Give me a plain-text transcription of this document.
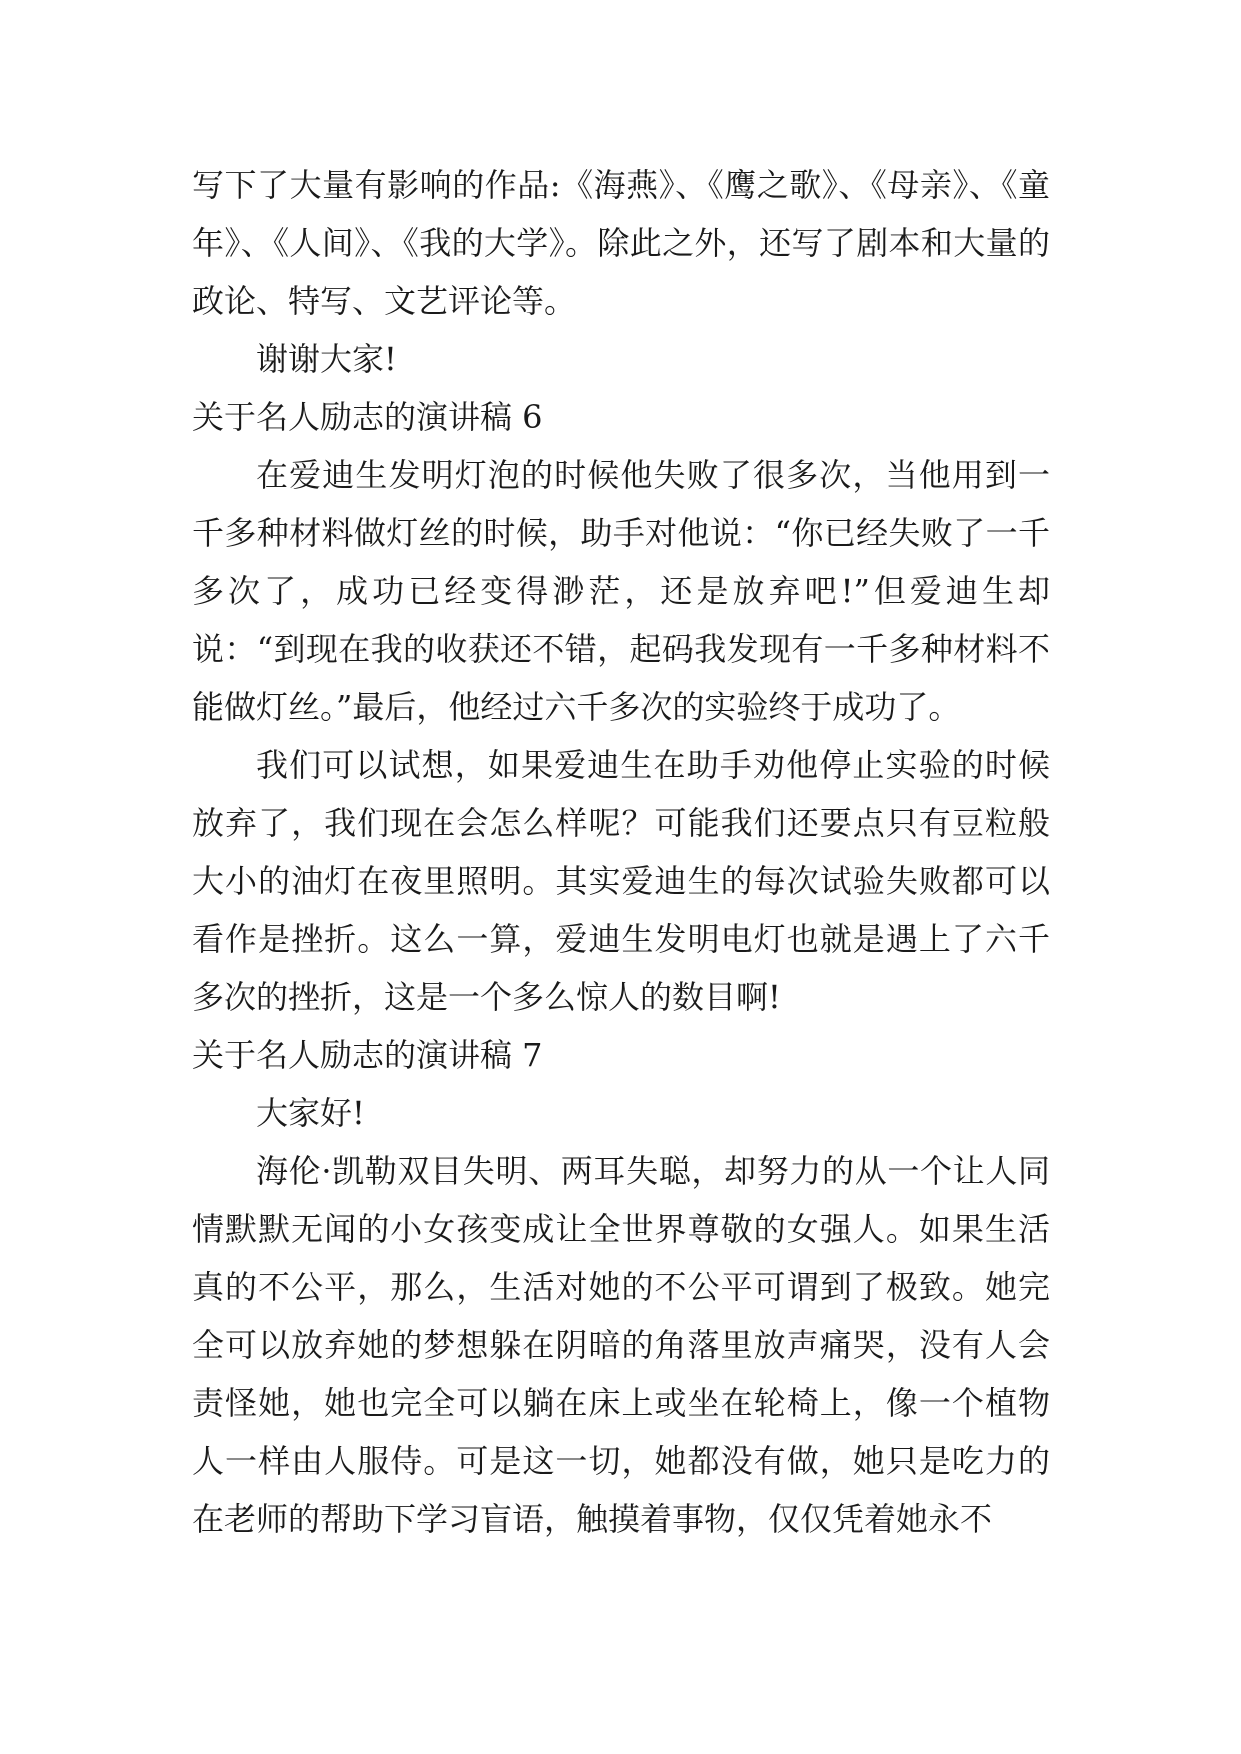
写下了大量有影响的作品:《海燕》、《鹰之歌》、《母亲》、《童年》、《人间》、《我的大学》。除此之外，还写了剧本和大量的政论、特写、文艺评论等。

谢谢大家!

关于名人励志的演讲稿 6

在爱迪生发明灯泡的时候他失败了很多次，当他用到一千多种材料做灯丝的时候，助手对他说：“你已经失败了一千多次了，成功已经变得渺茫，还是放弃吧!”但爱迪生却说：“到现在我的收获还不错，起码我发现有一千多种材料不能做灯丝。”最后，他经过六千多次的实验终于成功了。

我们可以试想，如果爱迪生在助手劝他停止实验的时候放弃了，我们现在会怎么样呢？可能我们还要点只有豆粒般大小的油灯在夜里照明。其实爱迪生的每次试验失败都可以看作是挫折。这么一算，爱迪生发明电灯也就是遇上了六千多次的挫折，这是一个多么惊人的数目啊!

关于名人励志的演讲稿 7

大家好!

海伦·凯勒双目失明、两耳失聪，却努力的从一个让人同情默默无闻的小女孩变成让全世界尊敬的女强人。如果生活真的不公平，那么，生活对她的不公平可谓到了极致。她完全可以放弃她的梦想躲在阴暗的角落里放声痛哭，没有人会责怪她，她也完全可以躺在床上或坐在轮椅上，像一个植物人一样由人服侍。可是这一切，她都没有做，她只是吃力的在老师的帮助下学习盲语，触摸着事物，仅仅凭着她永不
